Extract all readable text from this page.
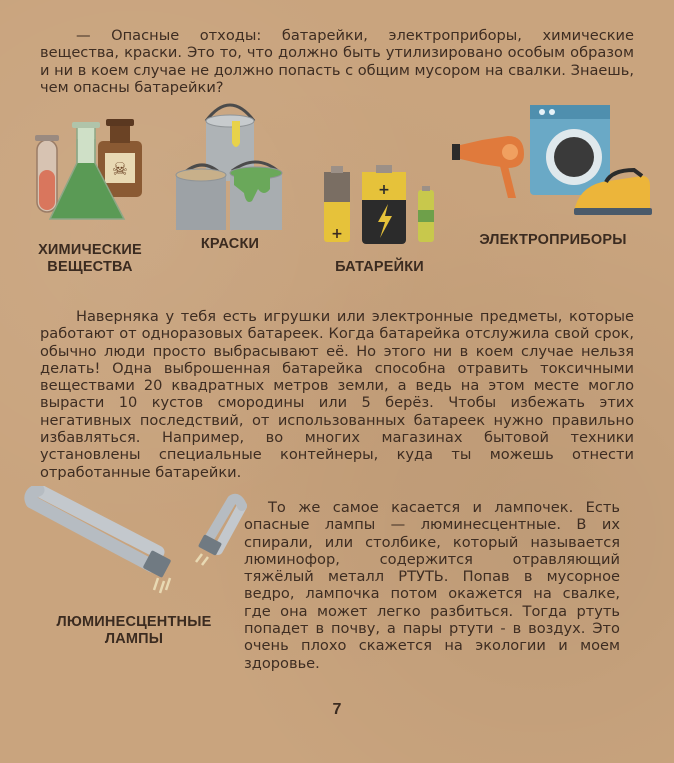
— Опасные отходы: батарейки, электроприборы, химические вещества, краски. Это то, что должно быть утилизировано особым образом и ни в коем случае не должно попасть с общим мусором на свалки. Знаешь, чем опасны батарейки?

☠
ХИМИЧЕСКИЕ ВЕЩЕСТВА
КРАСКИ
+
+
БАТАРЕЙКИ
ЭЛЕКТРОПРИБОРЫ

Наверняка у тебя есть игрушки или электронные предметы, которые работают от одноразовых батареек. Когда батарейка отслужила свой срок, обычно люди просто выбрасывают её. Но этого ни в коем случае нельзя делать! Одна выброшенная батарейка способна отравить токсичными веществами 20 квадратных метров земли, а ведь на этом месте могло вырасти 10 кустов смородины или 5 берёз. Чтобы избежать этих негативных последствий, от использованных батареек нужно правильно избавляться. Например, во многих магазинах бытовой техники установлены специальные контейнеры, куда ты можешь отнести отработанные батарейки.

ЛЮМИНЕСЦЕНТНЫЕ ЛАМПЫ

То же самое касается и лампочек. Есть опасные лампы — люминесцентные. В их спирали, или столбике, который называется люминофор, содержится отравляющий тяжёлый металл РТУТЬ. Попав в мусорное ведро, лампочка потом окажется на свалке, где она может легко разбиться. Тогда ртуть попадет в почву, а пары ртути - в воздух. Это очень плохо скажется на экологии и моем здоровье.

7
